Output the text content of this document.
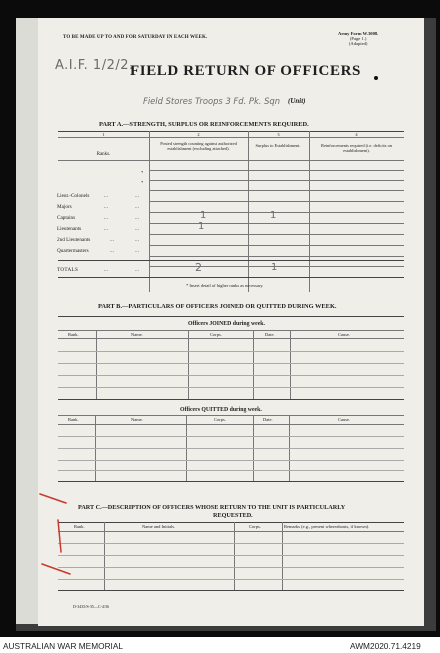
TO BE MADE UP TO AND FOR SATURDAY IN EACH WEEK.
Army Form W.3008.
(Page 1.)
(Adapted)
A.I.F. 1/2/2.
FIELD RETURN OF OFFICERS
Field Stores Troops 3 Fd. Pk. Sqn (Unit)
PART A.—STRENGTH, SURPLUS OR REINFORCEMENTS REQUIRED.
1	2	3	4
Ranks.
Posted strength counting against authorized establishment (excluding attached).
Surplus to Establishment.	Reinforcements required (i.e. deficits on establishment).
*
*
Lieut.-Colonels	...	...
Majors	...	...
Captains	...	...	1	1
Lieutenants	...	...	1
2nd Lieutenants	...	...
Quartermasters	...	...
TOTALS	...	...	2	1
* Insert detail of higher ranks as necessary.
PART B.—PARTICULARS OF OFFICERS JOINED OR QUITTED DURING WEEK.
Officers JOINED during week.
Rank.	Name.	Corps.	Date.	Cause.
Officers QUITTED during week.
Rank.	Name.	Corps.	Date.	Cause.
PART C.—DESCRIPTION OF OFFICERS WHOSE RETURN TO THE UNIT IS PARTICULARLY
REQUESTED.
Rank.	Name and Initials.	Corps.	Remarks (e.g., present whereabouts, if known).
D-3435/S-35—C-4/36
AUSTRALIAN WAR MEMORIAL	AWM2020.71.4219
